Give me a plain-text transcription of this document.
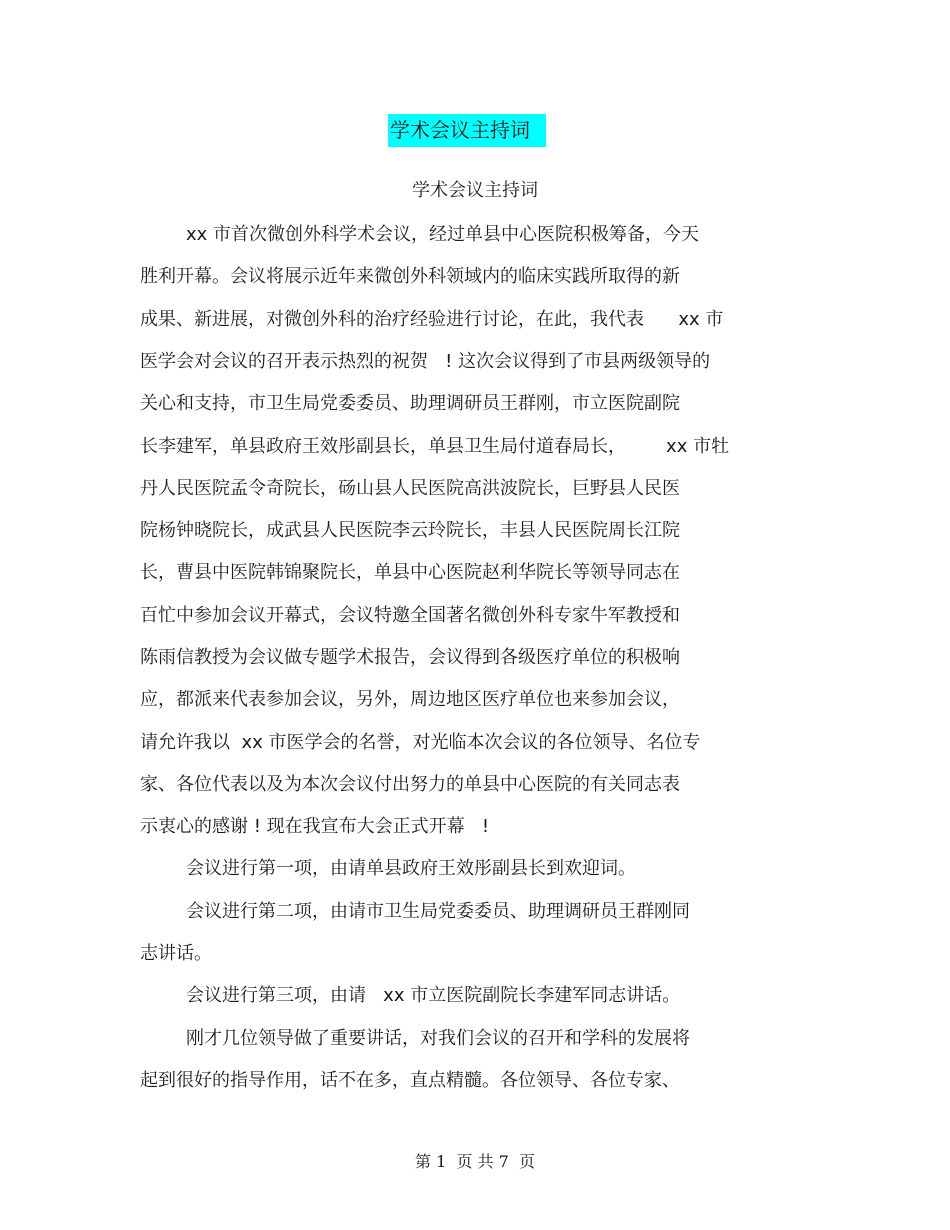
学术会议主持词
学术会议主持词
xx 市首次微创外科学术会议，经过单县中心医院积极筹备，今天
胜利开幕。会议将展示近年来微创外科领域内的临床实践所取得的新
成果、新进展，对微创外科的治疗经验进行讨论，在此，我代表      xx 市
医学会对会议的召开表示热烈的祝贺   ! 这次会议得到了市县两级领导的
关心和支持，市卫生局党委委员、助理调研员王群刚，市立医院副院
长李建军，单县政府王效彤副县长，单县卫生局付道春局长，       xx 市牡
丹人民医院孟令奇院长，砀山县人民医院高洪波院长，巨野县人民医
院杨钟晓院长，成武县人民医院李云玲院长，丰县人民医院周长江院
长，曹县中医院韩锦聚院长，单县中心医院赵利华院长等领导同志在
百忙中参加会议开幕式，会议特邀全国著名微创外科专家牛军教授和
陈雨信教授为会议做专题学术报告，会议得到各级医疗单位的积极响
应，都派来代表参加会议，另外，周边地区医疗单位也来参加会议，
请允许我以  xx 市医学会的名誉，对光临本次会议的各位领导、名位专
家、各位代表以及为本次会议付出努力的单县中心医院的有关同志表
示衷心的感谢 ! 现在我宣布大会正式开幕   !
会议进行第一项，由请单县政府王效彤副县长到欢迎词。
会议进行第二项，由请市卫生局党委委员、助理调研员王群刚同
志讲话。
会议进行第三项，由请   xx 市立医院副院长李建军同志讲话。
刚才几位领导做了重要讲话，对我们会议的召开和学科的发展将
起到很好的指导作用，话不在多，直点精髓。各位领导、各位专家、
第 1  页 共 7  页
